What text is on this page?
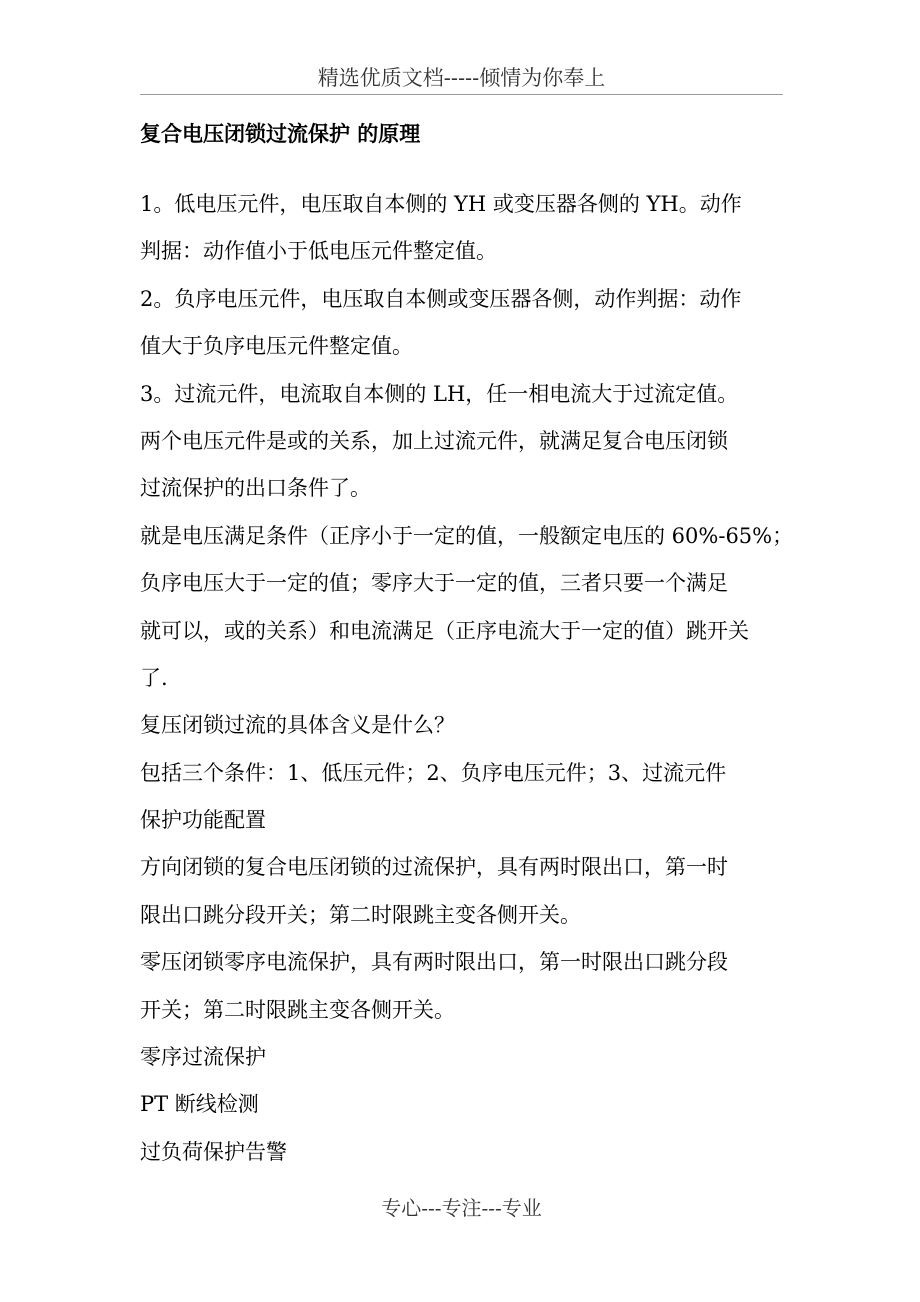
精选优质文档-----倾情为你奉上
复合电压闭锁过流保护 的原理
1。低电压元件，电压取自本侧的 YH 或变压器各侧的 YH。动作
判据：动作值小于低电压元件整定值。
2。负序电压元件，电压取自本侧或变压器各侧，动作判据：动作
值大于负序电压元件整定值。
3。过流元件，电流取自本侧的 LH，任一相电流大于过流定值。
两个电压元件是或的关系，加上过流元件，就满足复合电压闭锁
过流保护的出口条件了。
就是电压满足条件（正序小于一定的值，一般额定电压的 60%-65%；
负序电压大于一定的值；零序大于一定的值，三者只要一个满足
就可以，或的关系）和电流满足（正序电流大于一定的值）跳开关
了.
复压闭锁过流的具体含义是什么？
包括三个条件：1、低压元件；2、负序电压元件；3、过流元件
保护功能配置
方向闭锁的复合电压闭锁的过流保护，具有两时限出口，第一时
限出口跳分段开关；第二时限跳主变各侧开关。
零压闭锁零序电流保护，具有两时限出口，第一时限出口跳分段
开关；第二时限跳主变各侧开关。
零序过流保护
PT 断线检测
过负荷保护告警
专心---专注---专业
